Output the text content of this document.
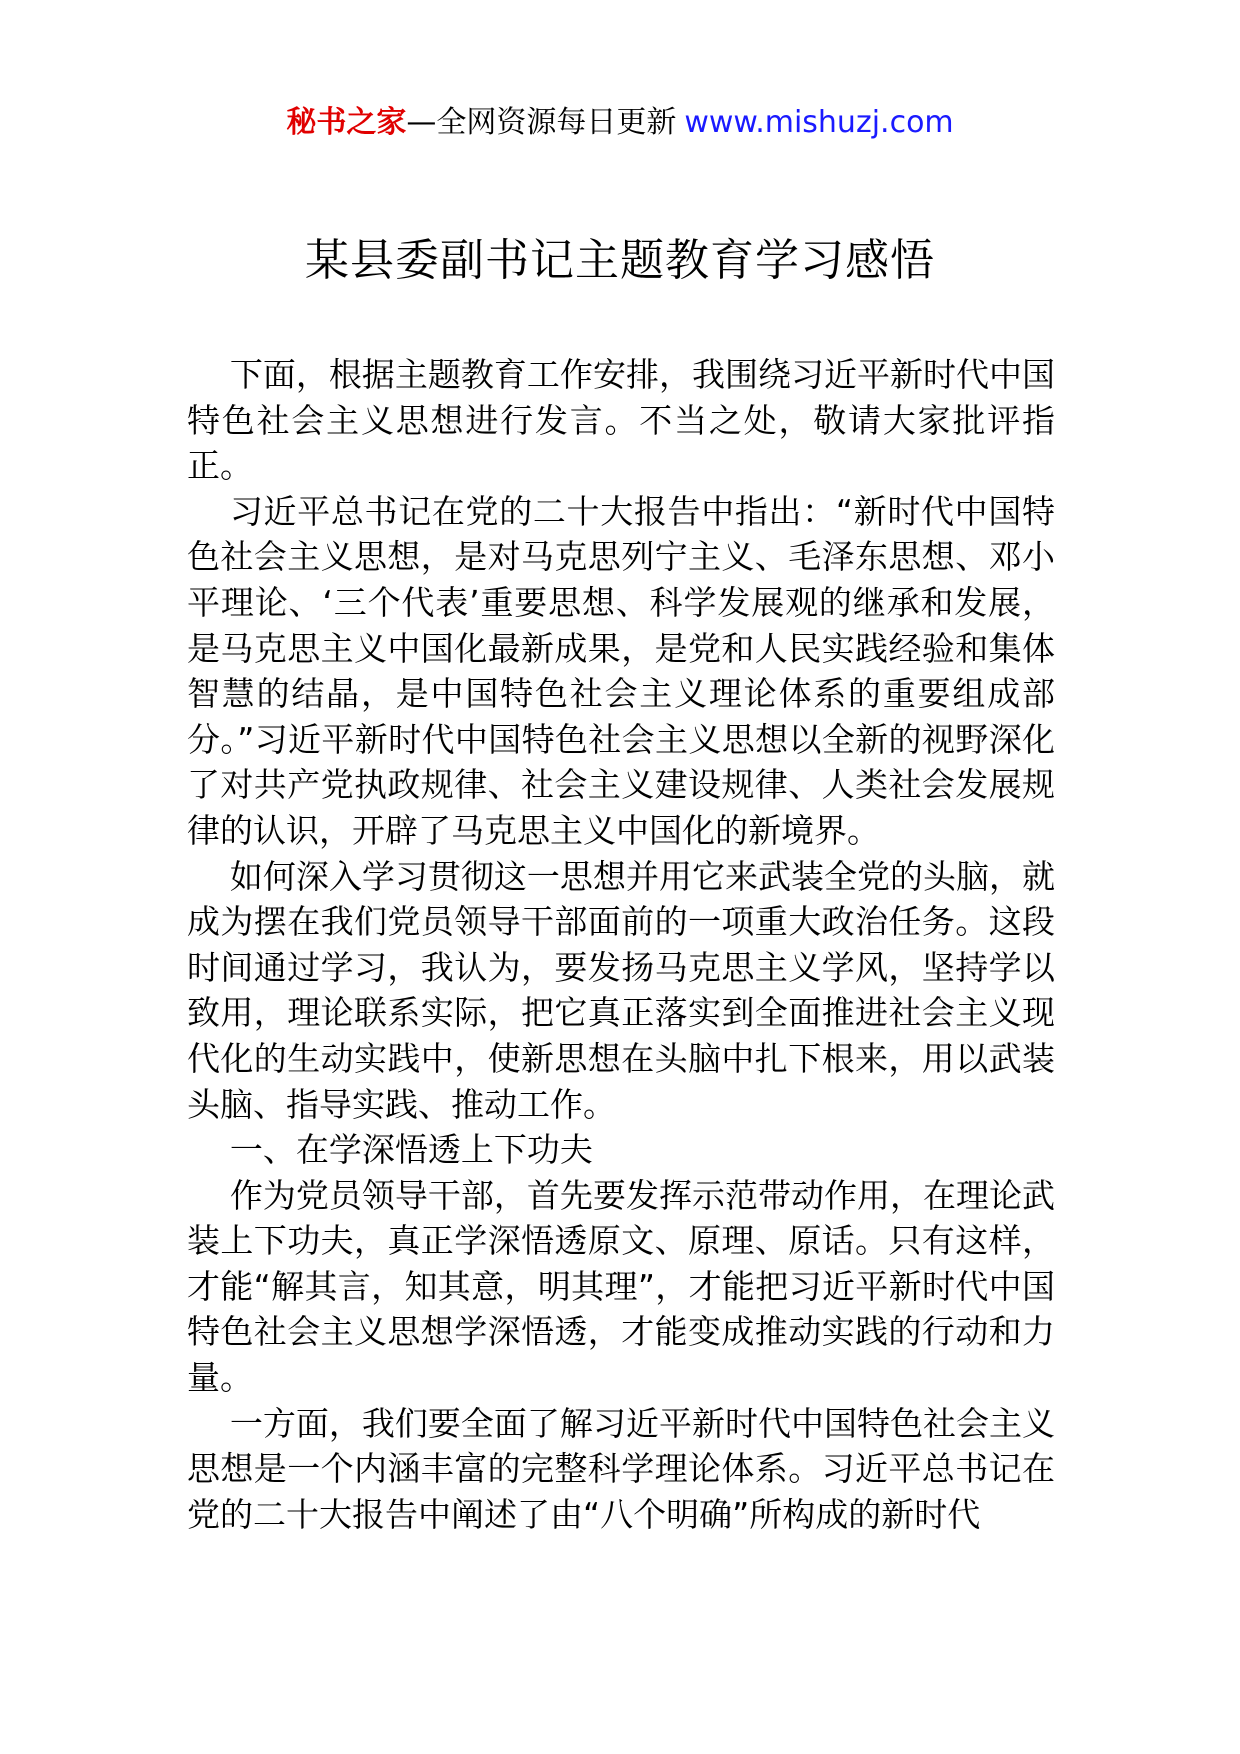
秘书之家—全网资源每日更新 www.mishuzj.com
某县委副书记主题教育学习感悟

下面，根据主题教育工作安排，我围绕习近平新时代中国特色社会主义思想进行发言。不当之处，敬请大家批评指正。

习近平总书记在党的二十大报告中指出：“新时代中国特色社会主义思想，是对马克思列宁主义、毛泽东思想、邓小平理论、‘三个代表’重要思想、科学发展观的继承和发展，是马克思主义中国化最新成果，是党和人民实践经验和集体智慧的结晶，是中国特色社会主义理论体系的重要组成部分。”习近平新时代中国特色社会主义思想以全新的视野深化了对共产党执政规律、社会主义建设规律、人类社会发展规律的认识，开辟了马克思主义中国化的新境界。

如何深入学习贯彻这一思想并用它来武装全党的头脑，就成为摆在我们党员领导干部面前的一项重大政治任务。这段时间通过学习，我认为，要发扬马克思主义学风，坚持学以致用，理论联系实际，把它真正落实到全面推进社会主义现代化的生动实践中，使新思想在头脑中扎下根来，用以武装头脑、指导实践、推动工作。

一、在学深悟透上下功夫

作为党员领导干部，首先要发挥示范带动作用，在理论武装上下功夫，真正学深悟透原文、原理、原话。只有这样，才能“解其言，知其意，明其理”，才能把习近平新时代中国特色社会主义思想学深悟透，才能变成推动实践的行动和力量。

一方面，我们要全面了解习近平新时代中国特色社会主义思想是一个内涵丰富的完整科学理论体系。习近平总书记在党的二十大报告中阐述了由“八个明确”所构成的新时代
